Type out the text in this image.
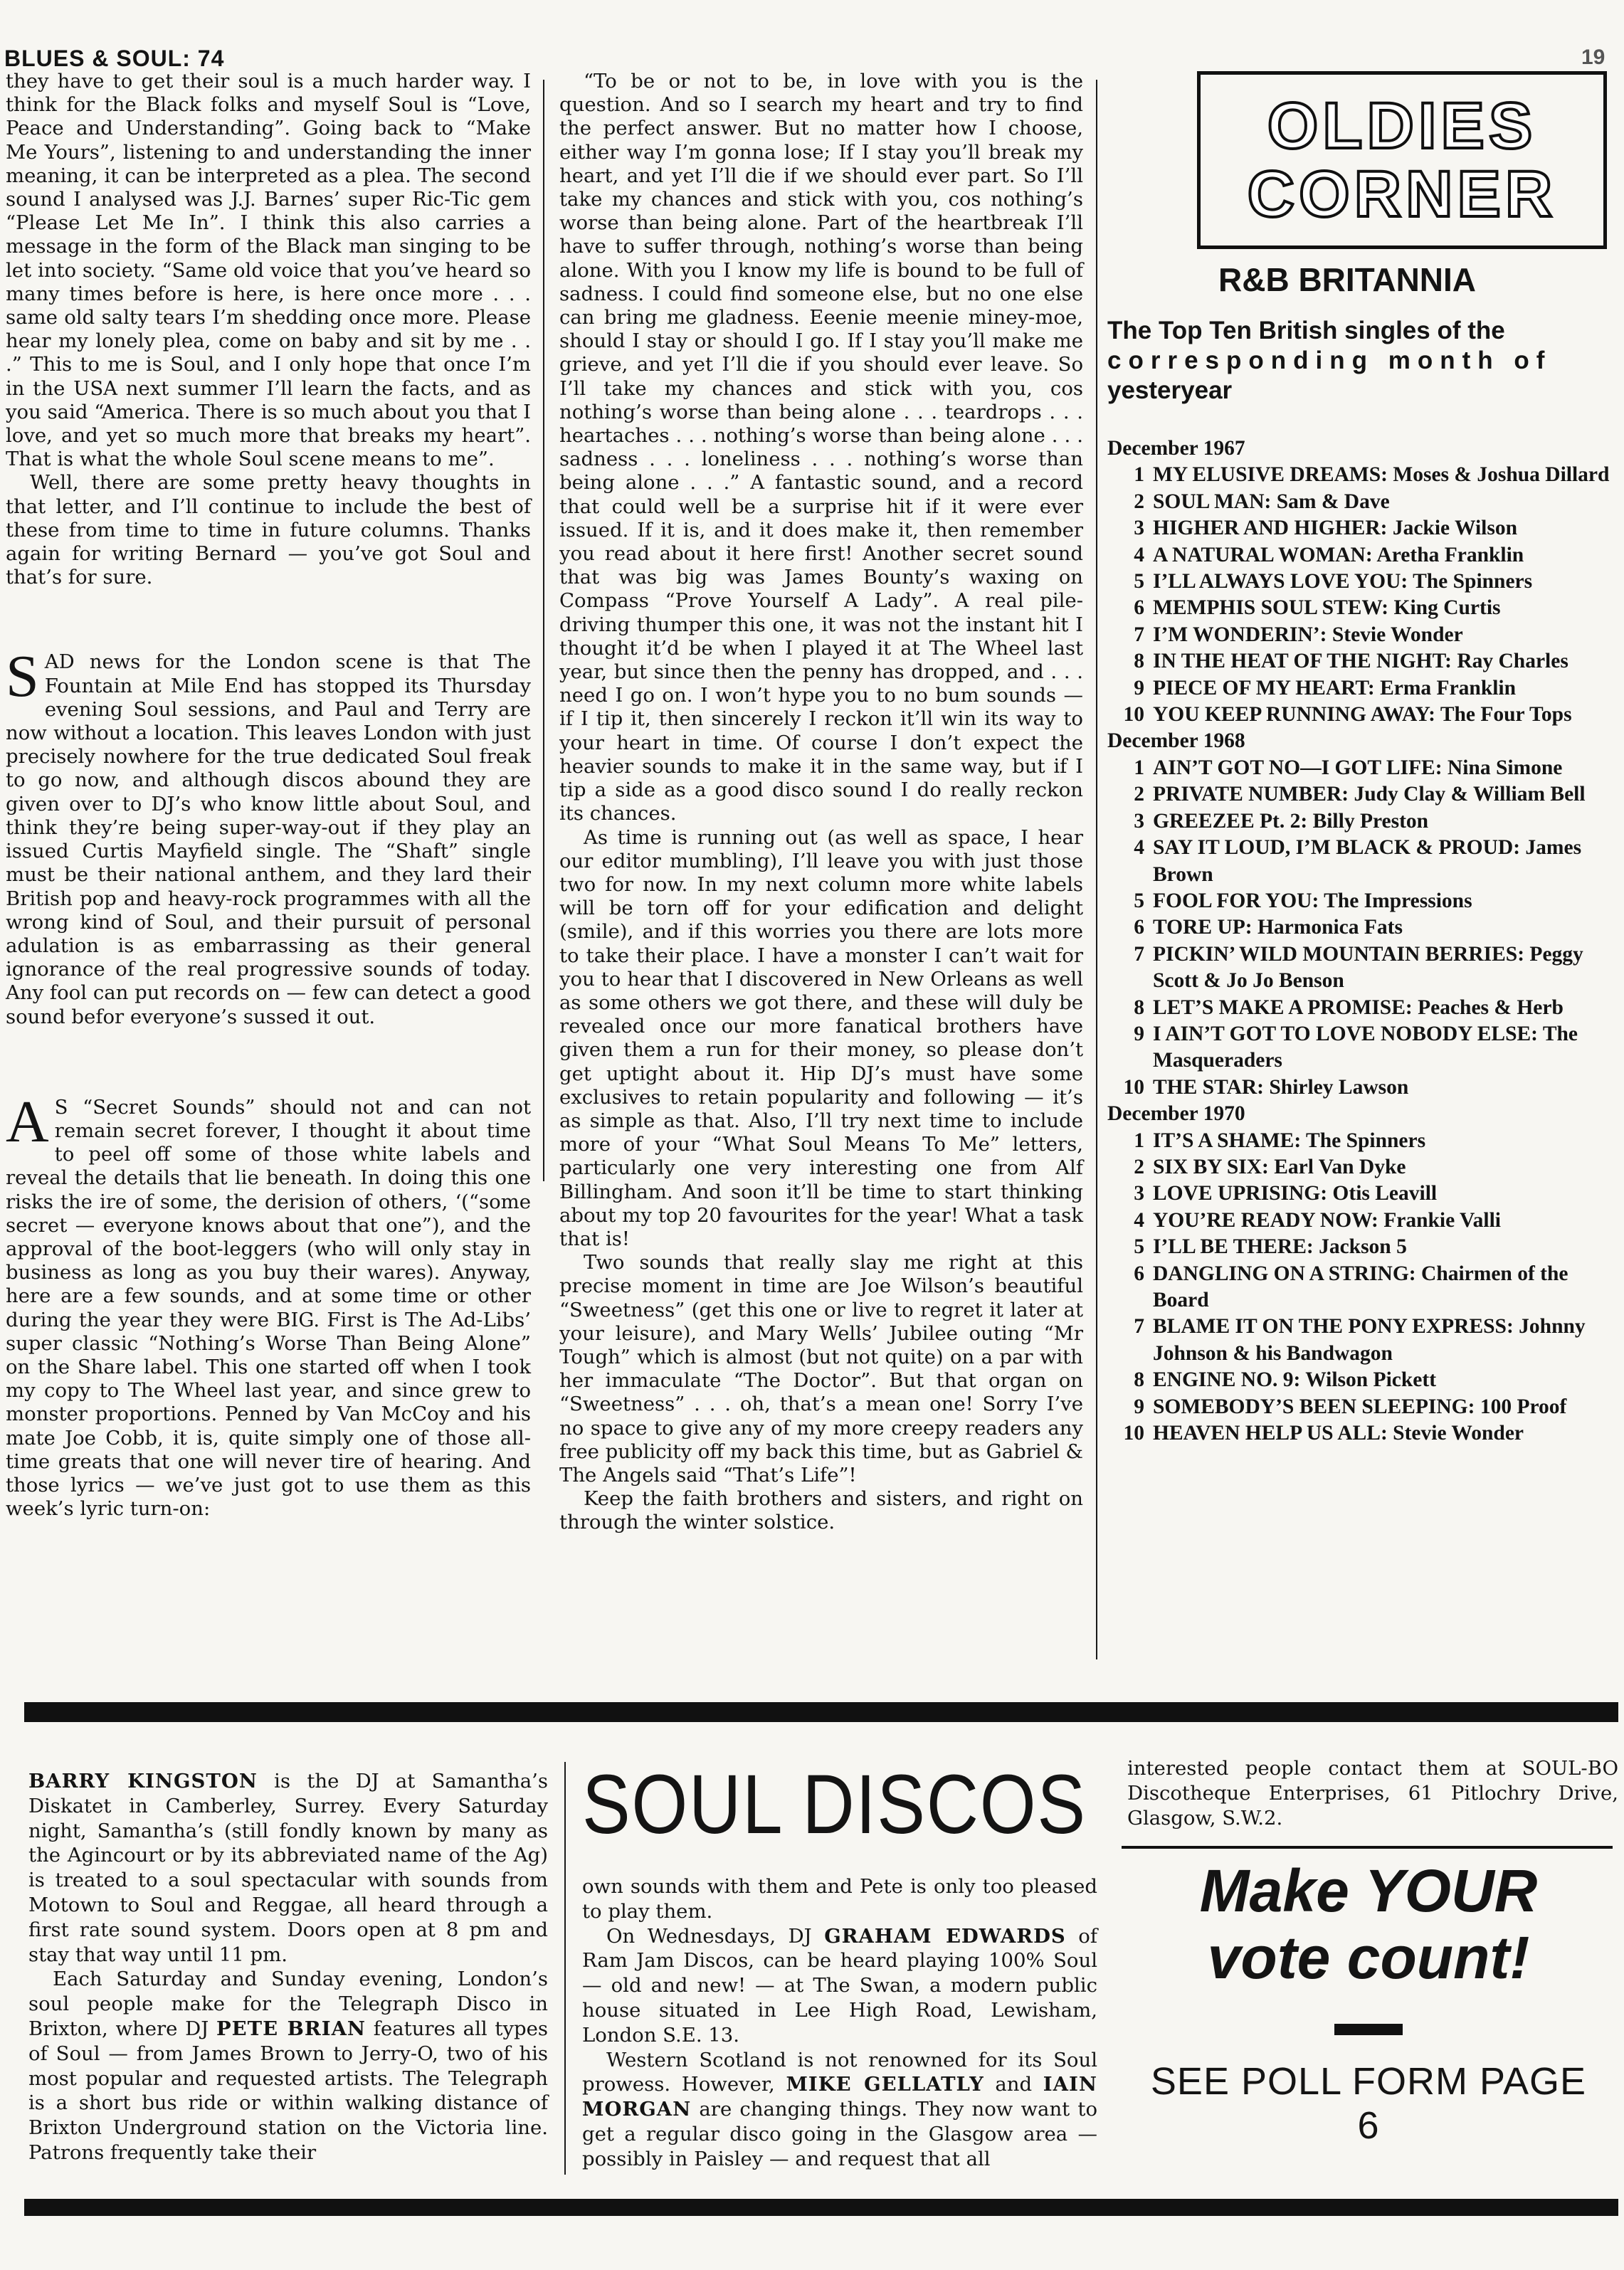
BLUES & SOUL: 74	19

they have to get their soul is a much harder way. I think for the Black folks and myself Soul is “Love, Peace and Understanding”. Going back to “Make Me Yours”, listening to and understanding the inner meaning, it can be interpreted as a plea. The second sound I analysed was J.J. Barnes’ super Ric-Tic gem “Please Let Me In”. I think this also carries a message in the form of the Black man singing to be let into society. “Same old voice that you’ve heard so many times before is here, is here once more . . . same old salty tears I’m shedding once more. Please hear my lonely plea, come on baby and sit by me . . .” This to me is Soul, and I only hope that once I’m in the USA next summer I’ll learn the facts, and as you said “America. There is so much about you that I love, and yet so much more that breaks my heart”. That is what the whole Soul scene means to me”.

Well, there are some pretty heavy thoughts in that letter, and I’ll continue to include the best of these from time to time in future columns. Thanks again for writing Bernard — you’ve got Soul and that’s for sure.

SAD news for the London scene is that The Fountain at Mile End has stopped its Thursday evening Soul sessions, and Paul and Terry are now without a location. This leaves London with just precisely nowhere for the true dedicated Soul freak to go now, and although discos abound they are given over to DJ’s who know little about Soul, and think they’re being super-way-out if they play an issued Curtis Mayfield single. The “Shaft” single must be their national anthem, and they lard their British pop and heavy-rock programmes with all the wrong kind of Soul, and their pursuit of personal adulation is as embarrassing as their general ignorance of the real progressive sounds of today. Any fool can put records on — few can detect a good sound befor everyone’s sussed it out.

A S “Secret Sounds” should not and can not remain secret forever, I thought it about time to peel off some of those white labels and reveal the details that lie beneath. In doing this one risks the ire of some, the derision of others, ‘(“some secret — everyone knows about that one”), and the approval of the boot-leggers (who will only stay in business as long as you buy their wares). Anyway, here are a few sounds, and at some time or other during the year they were BIG. First is The Ad-Libs’ super classic “Nothing’s Worse Than Being Alone” on the Share label. This one started off when I took my copy to The Wheel last year, and since grew to monster proportions. Penned by Van McCoy and his mate Joe Cobb, it is, quite simply one of those all-time greats that one will never tire of hearing. And those lyrics — we’ve just got to use them as this week’s lyric turn-on:

“To be or not to be, in love with you is the question. And so I search my heart and try to find the perfect answer. But no matter how I choose, either way I’m gonna lose; If I stay you’ll break my heart, and yet I’ll die if we should ever part. So I’ll take my chances and stick with you, cos nothing’s worse than being alone. Part of the heartbreak I’ll have to suffer through, nothing’s worse than being alone. With you I know my life is bound to be full of sadness. I could find someone else, but no one else can bring me gladness. Eeenie meenie miney-moe, should I stay or should I go. If I stay you’ll make me grieve, and yet I’ll die if you should ever leave. So I’ll take my chances and stick with you, cos nothing’s worse than being alone . . . teardrops . . . heartaches . . . nothing’s worse than being alone . . . sadness . . . loneliness . . . nothing’s worse than being alone . . .” A fantastic sound, and a record that could well be a surprise hit if it were ever issued. If it is, and it does make it, then remember you read about it here first! Another secret sound that was big was James Bounty’s waxing on Compass “Prove Yourself A Lady”. A real pile-driving thumper this one, it was not the instant hit I thought it’d be when I played it at The Wheel last year, but since then the penny has dropped, and . . . need I go on. I won’t hype you to no bum sounds — if I tip it, then sincerely I reckon it’ll win its way to your heart in time. Of course I don’t expect the heavier sounds to make it in the same way, but if I tip a side as a good disco sound I do really reckon its chances.

As time is running out (as well as space, I hear our editor mumbling), I’ll leave you with just those two for now. In my next column more white labels will be torn off for your edification and delight (smile), and if this worries you there are lots more to take their place. I have a monster I can’t wait for you to hear that I discovered in New Orleans as well as some others we got there, and these will duly be revealed once our more fanatical brothers have given them a run for their money, so please don’t get uptight about it. Hip DJ’s must have some exclusives to retain popularity and following — it’s as simple as that. Also, I’ll try next time to include more of your “What Soul Means To Me” letters, particularly one very interesting one from Alf Billingham. And soon it’ll be time to start thinking about my top 20 favourites for the year! What a task that is!

Two sounds that really slay me right at this precise moment in time are Joe Wilson’s beautiful “Sweetness” (get this one or live to regret it later at your leisure), and Mary Wells’ Jubilee outing “Mr Tough” which is almost (but not quite) on a par with her immaculate “The Doctor”. But that organ on “Sweetness” . . . oh, that’s a mean one! Sorry I’ve no space to give any of my more creepy readers any free publicity off my back this time, but as Gabriel & The Angels said “That’s Life”!

Keep the faith brothers and sisters, and right on through the winter solstice.

OLDIES
CORNER
R&B BRITANNIA
The Top Ten British singles of the
corresponding month of
yesteryear
December 1967
1 MY ELUSIVE DREAMS: Moses & Joshua Dillard
2 SOUL MAN: Sam & Dave
3 HIGHER AND HIGHER: Jackie Wilson
4 A NATURAL WOMAN: Aretha Franklin
5 I’LL ALWAYS LOVE YOU: The Spinners
6 MEMPHIS SOUL STEW: King Curtis
7 I’M WONDERIN’: Stevie Wonder
8 IN THE HEAT OF THE NIGHT: Ray Charles
9 PIECE OF MY HEART: Erma Franklin
10 YOU KEEP RUNNING AWAY: The Four Tops
December 1968
1 AIN’T GOT NO—I GOT LIFE: Nina Simone
2 PRIVATE NUMBER: Judy Clay & William Bell
3 GREEZEE Pt. 2: Billy Preston
4 SAY IT LOUD, I’M BLACK & PROUD: James Brown
5 FOOL FOR YOU: The Impressions
6 TORE UP: Harmonica Fats
7 PICKIN’ WILD MOUNTAIN BERRIES: Peggy Scott & Jo Jo Benson
8 LET’S MAKE A PROMISE: Peaches & Herb
9 I AIN’T GOT TO LOVE NOBODY ELSE: The Masqueraders
10 THE STAR: Shirley Lawson
December 1970
1 IT’S A SHAME: The Spinners
2 SIX BY SIX: Earl Van Dyke
3 LOVE UPRISING: Otis Leavill
4 YOU’RE READY NOW: Frankie Valli
5 I’LL BE THERE: Jackson 5
6 DANGLING ON A STRING: Chairmen of the Board
7 BLAME IT ON THE PONY EXPRESS: Johnny Johnson & his Bandwagon
8 ENGINE NO. 9: Wilson Pickett
9 SOMEBODY’S BEEN SLEEPING: 100 Proof
10 HEAVEN HELP US ALL: Stevie Wonder

BARRY KINGSTON is the DJ at Samantha’s Diskatet in Camberley, Surrey. Every Saturday night, Samantha’s (still fondly known by many as the Agincourt or by its abbreviated name of the Ag) is treated to a soul spectacular with sounds from Motown to Soul and Reggae, all heard through a first rate sound system. Doors open at 8 pm and stay that way until 11 pm.

Each Saturday and Sunday evening, London’s soul people make for the Telegraph Disco in Brixton, where DJ PETE BRIAN features all types of Soul — from James Brown to Jerry-O, two of his most popular and requested artists. The Telegraph is a short bus ride or within walking distance of Brixton Underground station on the Victoria line. Patrons frequently take their

SOUL DISCOS

own sounds with them and Pete is only too pleased to play them.

On Wednesdays, DJ GRAHAM EDWARDS of Ram Jam Discos, can be heard playing 100% Soul — old and new! — at The Swan, a modern public house situated in Lee High Road, Lewisham, London S.E. 13.

Western Scotland is not renowned for its Soul prowess. However, MIKE GELLATLY and IAIN MORGAN are changing things. They now want to get a regular disco going in the Glasgow area — possibly in Paisley — and request that all

interested people contact them at SOUL-BO Discotheque Enterprises, 61 Pitlochry Drive, Glasgow, S.W.2.

Make YOUR
vote count!
SEE POLL FORM PAGE 6
